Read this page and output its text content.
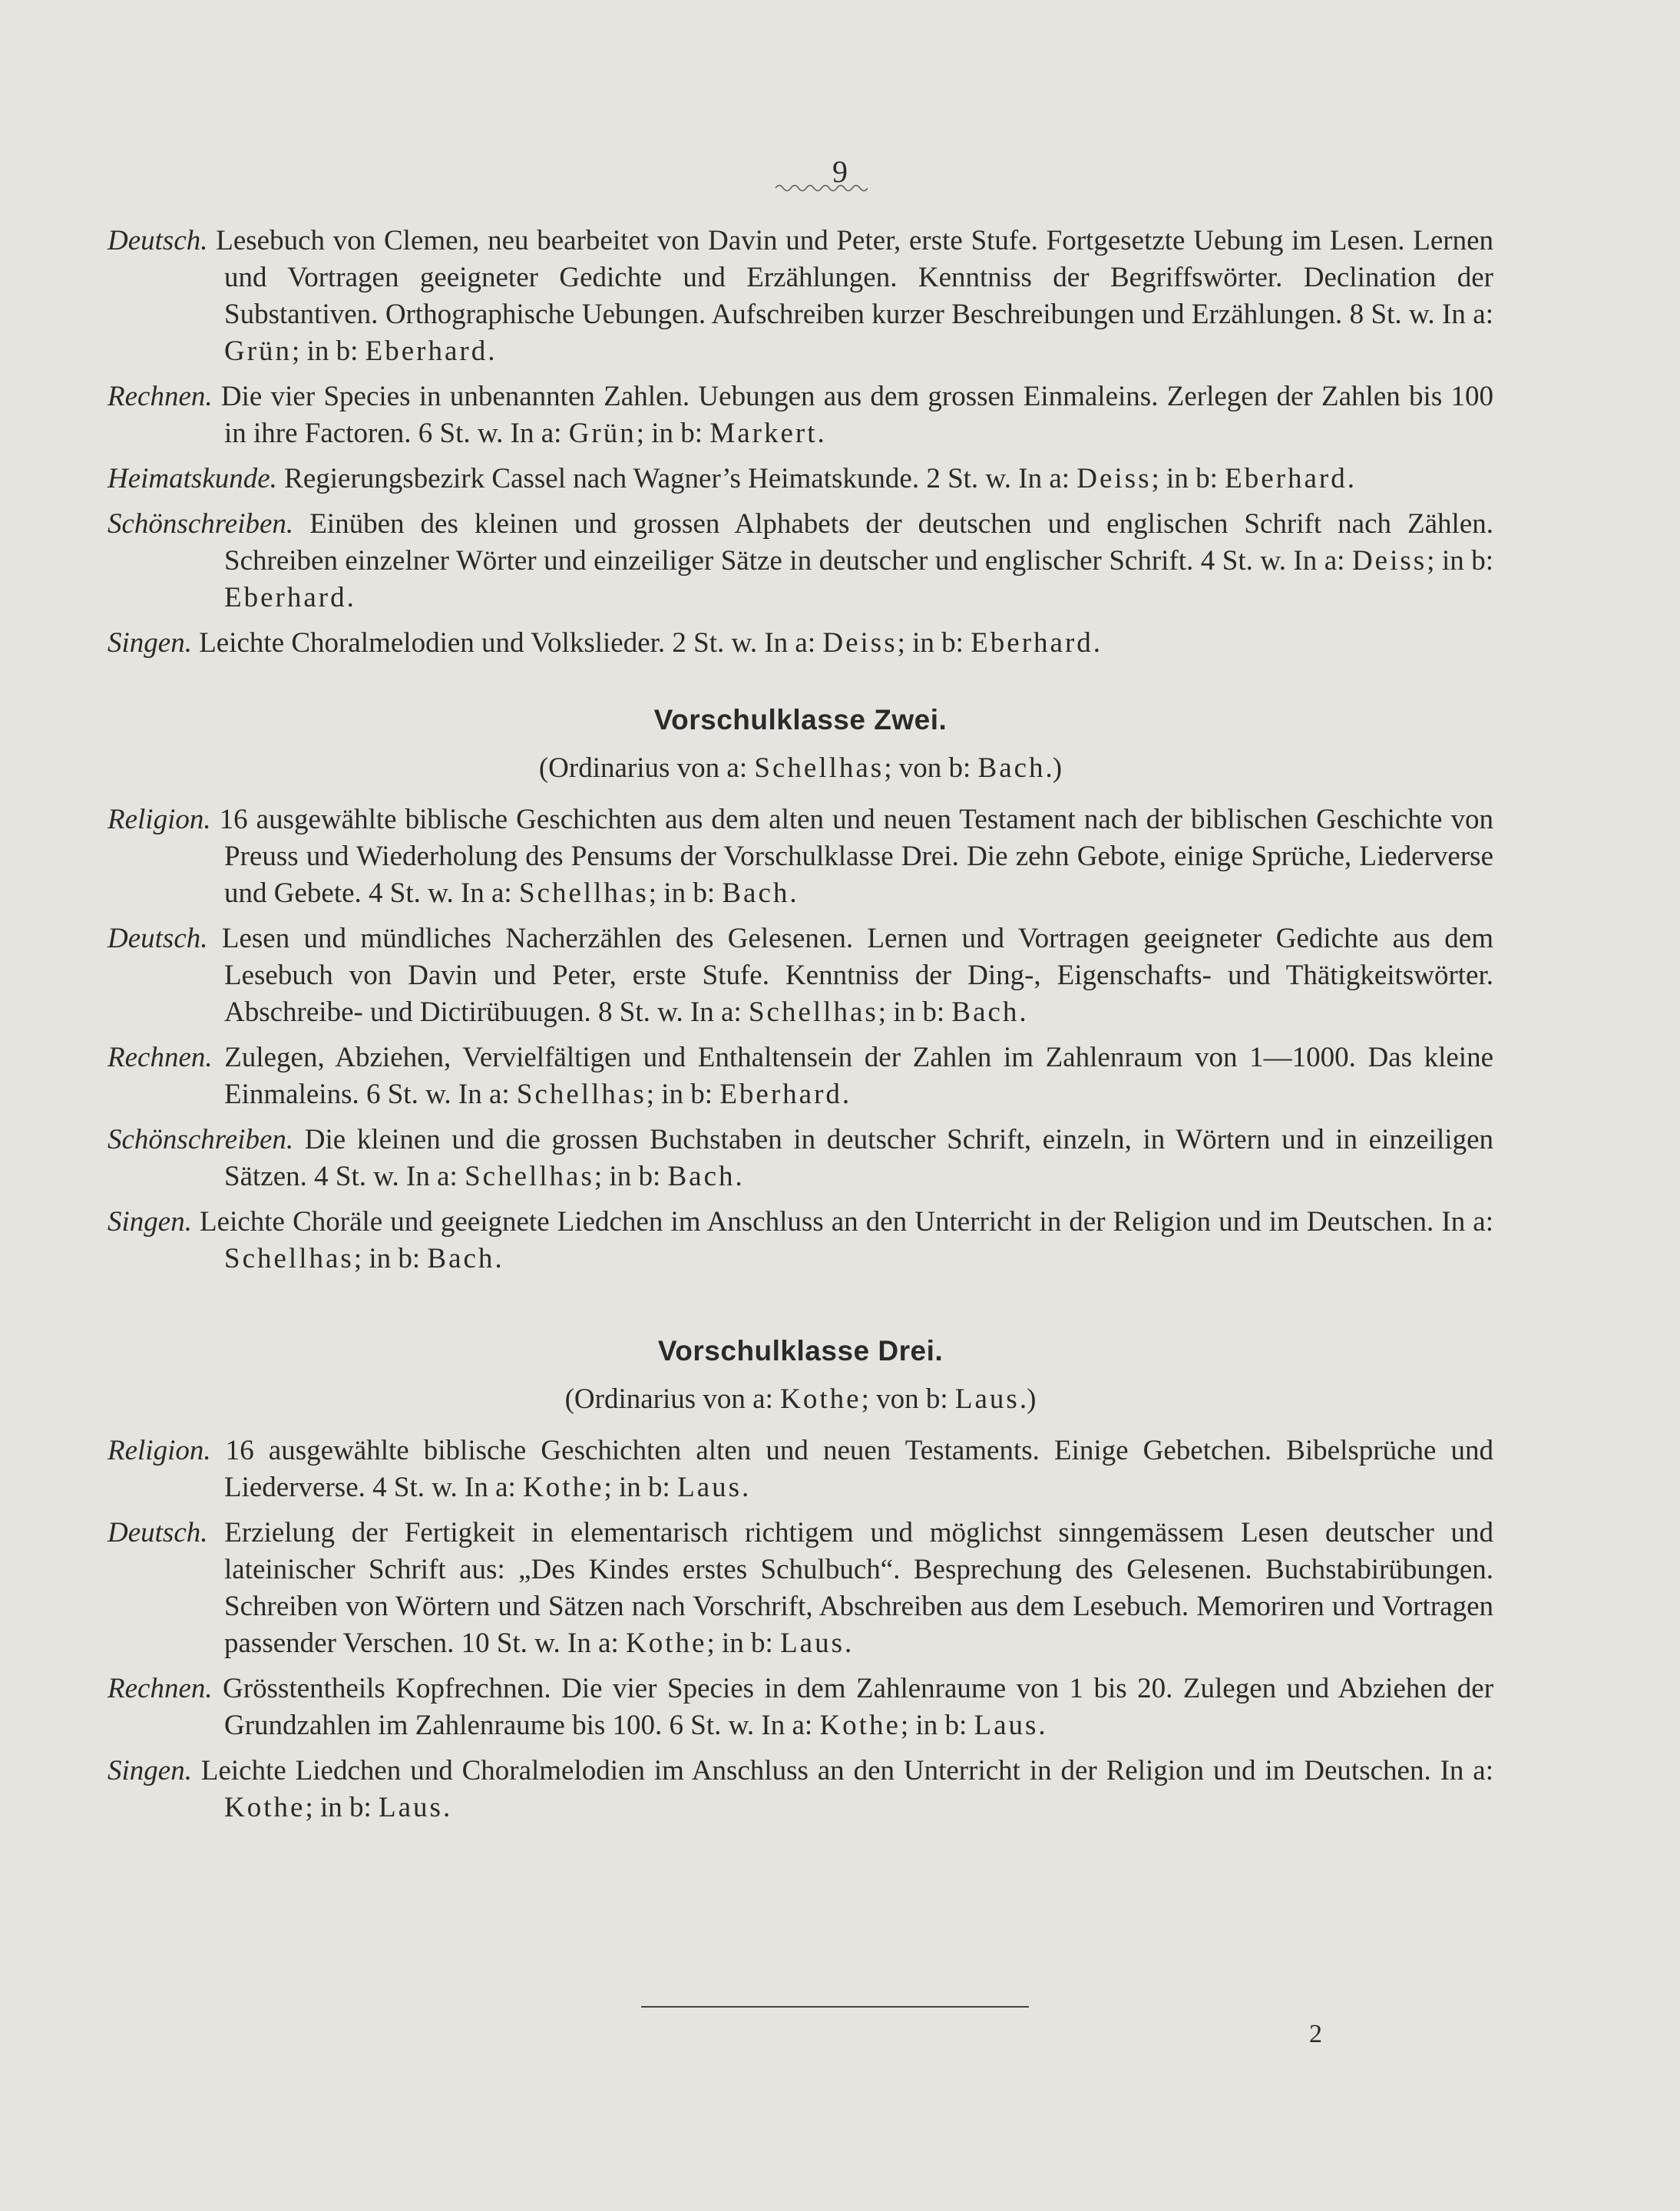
9

Deutsch. Lesebuch von Clemen, neu bearbeitet von Davin und Peter, erste Stufe. Fortgesetzte Uebung im Lesen. Lernen und Vortragen geeigneter Gedichte und Erzählungen. Kenntniss der Begriffswörter. Declination der Substantiven. Orthographische Uebungen. Aufschreiben kurzer Beschreibungen und Erzählungen. 8 St. w. In a: Grün; in b: Eberhard.

Rechnen. Die vier Species in unbenannten Zahlen. Uebungen aus dem grossen Einmaleins. Zerlegen der Zahlen bis 100 in ihre Factoren. 6 St. w. In a: Grün; in b: Markert.

Heimatskunde. Regierungsbezirk Cassel nach Wagner’s Heimatskunde. 2 St. w. In a: Deiss; in b: Eberhard.

Schönschreiben. Einüben des kleinen und grossen Alphabets der deutschen und englischen Schrift nach Zählen. Schreiben einzelner Wörter und einzeiliger Sätze in deutscher und englischer Schrift. 4 St. w. In a: Deiss; in b: Eberhard.

Singen. Leichte Choralmelodien und Volkslieder. 2 St. w. In a: Deiss; in b: Eberhard.

Vorschulklasse Zwei.
(Ordinarius von a: Schellhas; von b: Bach.)

Religion. 16 ausgewählte biblische Geschichten aus dem alten und neuen Testament nach der biblischen Geschichte von Preuss und Wiederholung des Pensums der Vorschulklasse Drei. Die zehn Gebote, einige Sprüche, Liederverse und Gebete. 4 St. w. In a: Schellhas; in b: Bach.

Deutsch. Lesen und mündliches Nacherzählen des Gelesenen. Lernen und Vortragen geeigneter Gedichte aus dem Lesebuch von Davin und Peter, erste Stufe. Kenntniss der Ding-, Eigenschafts- und Thätigkeitswörter. Abschreibe- und Dictirübuugen. 8 St. w. In a: Schellhas; in b: Bach.

Rechnen. Zulegen, Abziehen, Vervielfältigen und Enthaltensein der Zahlen im Zahlenraum von 1—1000. Das kleine Einmaleins. 6 St. w. In a: Schellhas; in b: Eberhard.

Schönschreiben. Die kleinen und die grossen Buchstaben in deutscher Schrift, einzeln, in Wörtern und in einzeiligen Sätzen. 4 St. w. In a: Schellhas; in b: Bach.

Singen. Leichte Choräle und geeignete Liedchen im Anschluss an den Unterricht in der Religion und im Deutschen. In a: Schellhas; in b: Bach.

Vorschulklasse Drei.
(Ordinarius von a: Kothe; von b: Laus.)

Religion. 16 ausgewählte biblische Geschichten alten und neuen Testaments. Einige Gebetchen. Bibelsprüche und Liederverse. 4 St. w. In a: Kothe; in b: Laus.

Deutsch. Erzielung der Fertigkeit in elementarisch richtigem und möglichst sinngemässem Lesen deutscher und lateinischer Schrift aus: „Des Kindes erstes Schulbuch“. Besprechung des Gelesenen. Buchstabirübungen. Schreiben von Wörtern und Sätzen nach Vorschrift, Abschreiben aus dem Lesebuch. Memoriren und Vortragen passender Verschen. 10 St. w. In a: Kothe; in b: Laus.

Rechnen. Grösstentheils Kopfrechnen. Die vier Species in dem Zahlenraume von 1 bis 20. Zulegen und Abziehen der Grundzahlen im Zahlenraume bis 100. 6 St. w. In a: Kothe; in b: Laus.

Singen. Leichte Liedchen und Choralmelodien im Anschluss an den Unterricht in der Religion und im Deutschen. In a: Kothe; in b: Laus.

2
